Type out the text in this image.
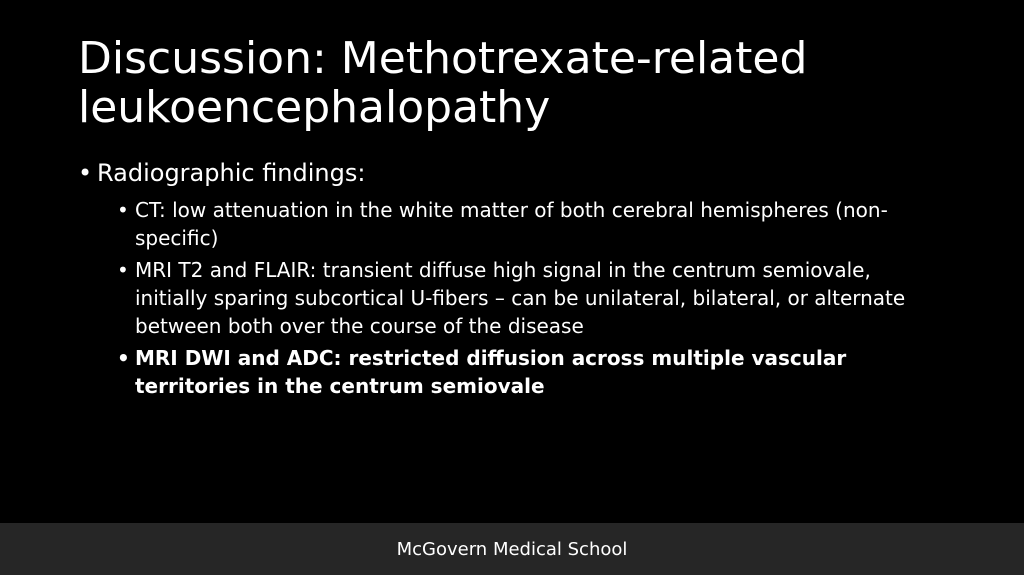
Discussion: Methotrexate-related leukoencephalopathy
• Radiographic findings:
• CT: low attenuation in the white matter of both cerebral hemispheres (non-specific)
• MRI T2 and FLAIR: transient diffuse high signal in the centrum semiovale, initially sparing subcortical U-fibers – can be unilateral, bilateral, or alternate between both over the course of the disease
• MRI DWI and ADC: restricted diffusion across multiple vascular territories in the centrum semiovale
McGovern Medical School
